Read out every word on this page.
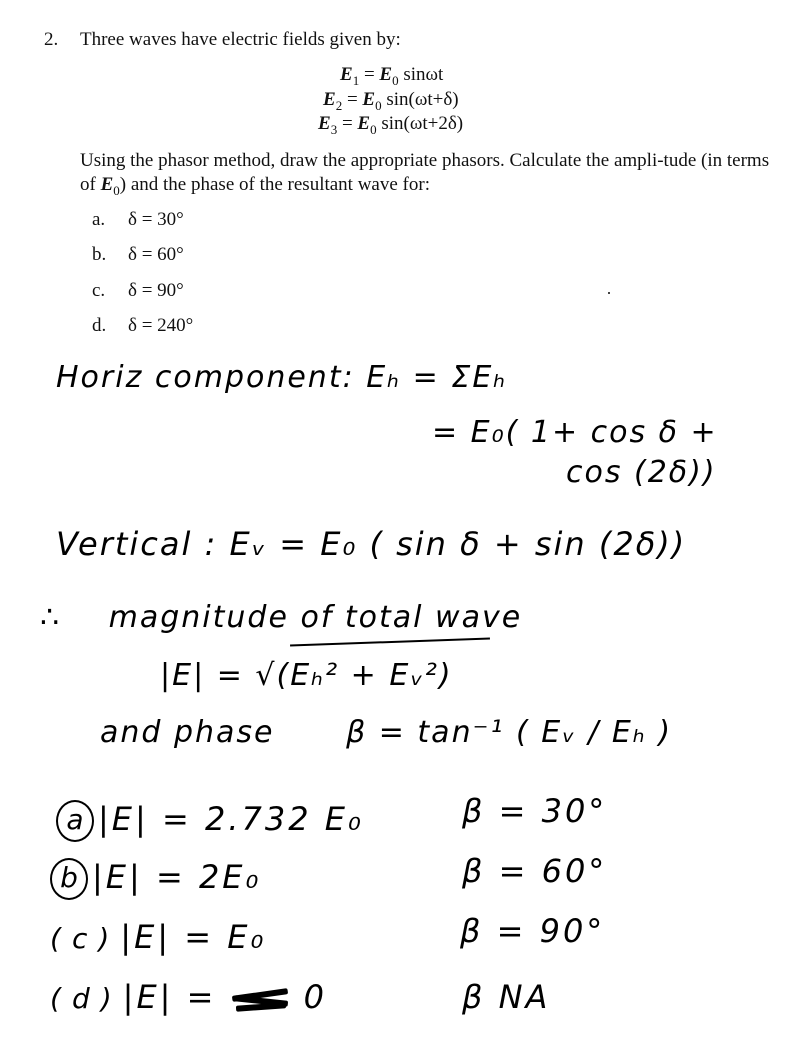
2. Three waves have electric fields given by:
$E_1 = E_0$ sinωt
$E_2 = E_0$ sin(ωt+δ)
$E_3 = E_0$ sin(ωt+2δ)
Using the phasor method, draw the appropriate phasors. Calculate the ampli-tude (in terms of $E_0$) and the phase of the resultant wave for:
a. δ = 30°
b. δ = 60°
c. δ = 90°
d. δ = 240°
Horiz component: Eₕ = ΣEₕ
= E₀( 1+ cos δ +
cos (2δ))
Vertical : Eᵥ = E₀ ( sin δ + sin (2δ))
∴ magnitude of total wave
|E| = √(Eₕ² + Eᵥ²)
and phase β = tan⁻¹ ( Eᵥ / Eₕ )
a |E| = 2.732 E₀	β = 30°
b |E| = 2E₀	β = 60°
( c ) |E| = E₀	β = 90°
( d ) |E| =	0	β NA
